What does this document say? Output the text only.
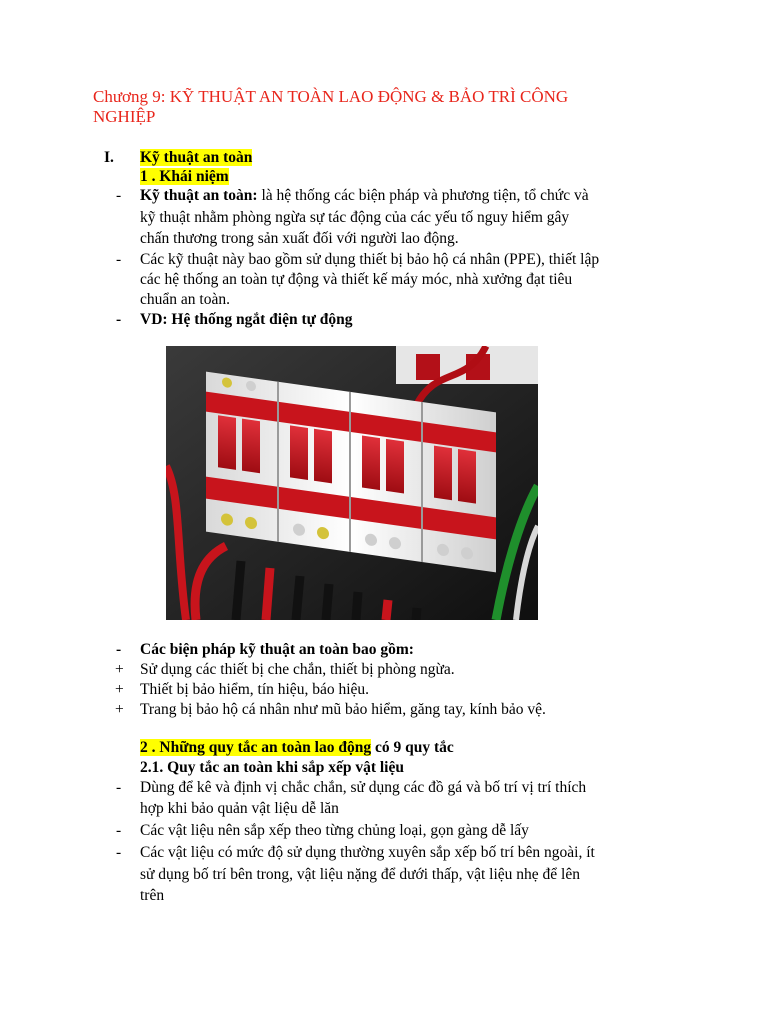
Chương 9: KỸ THUẬT AN TOÀN LAO ĐỘNG & BẢO TRÌ CÔNG
NGHIỆP
I. Kỹ thuật an toàn
1 . Khái niệm
- Kỹ thuật an toàn: là hệ thống các biện pháp và phương tiện, tổ chức và
kỹ thuật nhằm phòng ngừa sự tác động của các yếu tố nguy hiểm gây
chấn thương trong sản xuất đối với người lao động.
- Các kỹ thuật này bao gồm sử dụng thiết bị bảo hộ cá nhân (PPE), thiết lập
các hệ thống an toàn tự động và thiết kế máy móc, nhà xưởng đạt tiêu
chuẩn an toàn.
- VD: Hệ thống ngắt điện tự động
- Các biện pháp kỹ thuật an toàn bao gồm:
+ Sử dụng các thiết bị che chắn, thiết bị phòng ngừa.
+ Thiết bị bảo hiểm, tín hiệu, báo hiệu.
+ Trang bị bảo hộ cá nhân như mũ bảo hiểm, găng tay, kính bảo vệ.
2 . Những quy tắc an toàn lao động có 9 quy tắc
2.1. Quy tắc an toàn khi sắp xếp vật liệu
- Dùng để kê và định vị chắc chắn, sử dụng các đồ gá và bố trí vị trí thích
hợp khi bảo quản vật liệu dễ lăn
- Các vật liệu nên sắp xếp theo từng chủng loại, gọn gàng dễ lấy
- Các vật liệu có mức độ sử dụng thường xuyên sắp xếp bố trí bên ngoài, ít
sử dụng bố trí bên trong, vật liệu nặng để dưới thấp, vật liệu nhẹ để lên
trên
